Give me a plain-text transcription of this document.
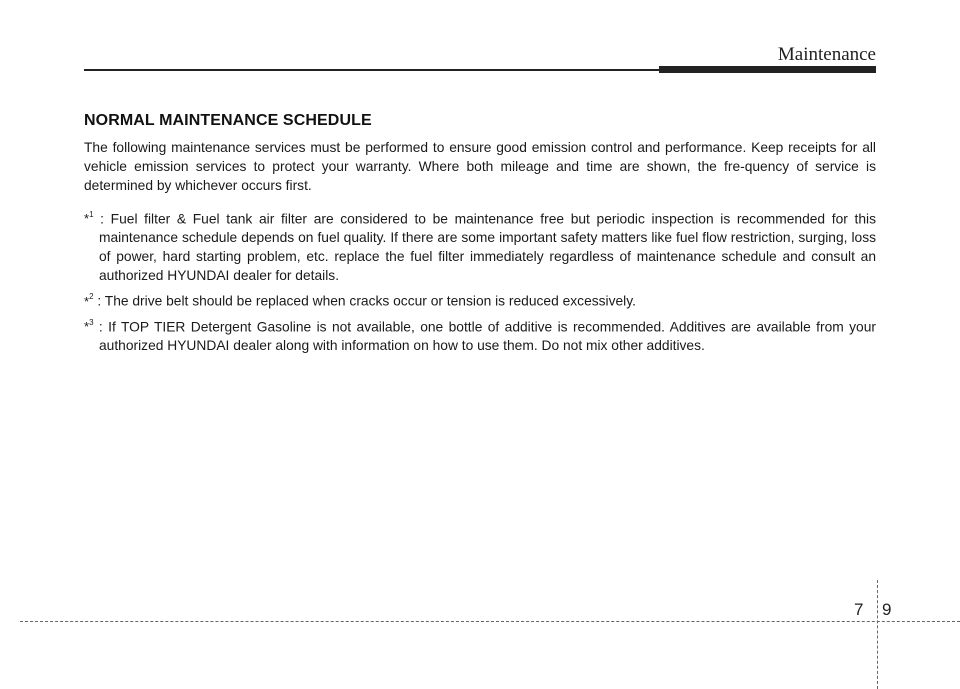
Maintenance
NORMAL MAINTENANCE SCHEDULE

The following maintenance services must be performed to ensure good emission control and performance. Keep receipts for all vehicle emission services to protect your warranty. Where both mileage and time are shown, the fre-quency of service is determined by whichever occurs first.

*$^1$ : Fuel filter & Fuel tank air filter are considered to be maintenance free but periodic inspection is recommended for this maintenance schedule depends on fuel quality. If there are some important safety matters like fuel flow restriction, surging, loss of power, hard starting problem, etc. replace the fuel filter immediately regardless of maintenance schedule and consult an authorized HYUNDAI dealer for details.

*$^2$ : The drive belt should be replaced when cracks occur or tension is reduced excessively.

*$^3$ : If TOP TIER Detergent Gasoline is not available, one bottle of additive is recommended. Additives are available from your authorized HYUNDAI dealer along with information on how to use them. Do not mix other additives.

7 9
